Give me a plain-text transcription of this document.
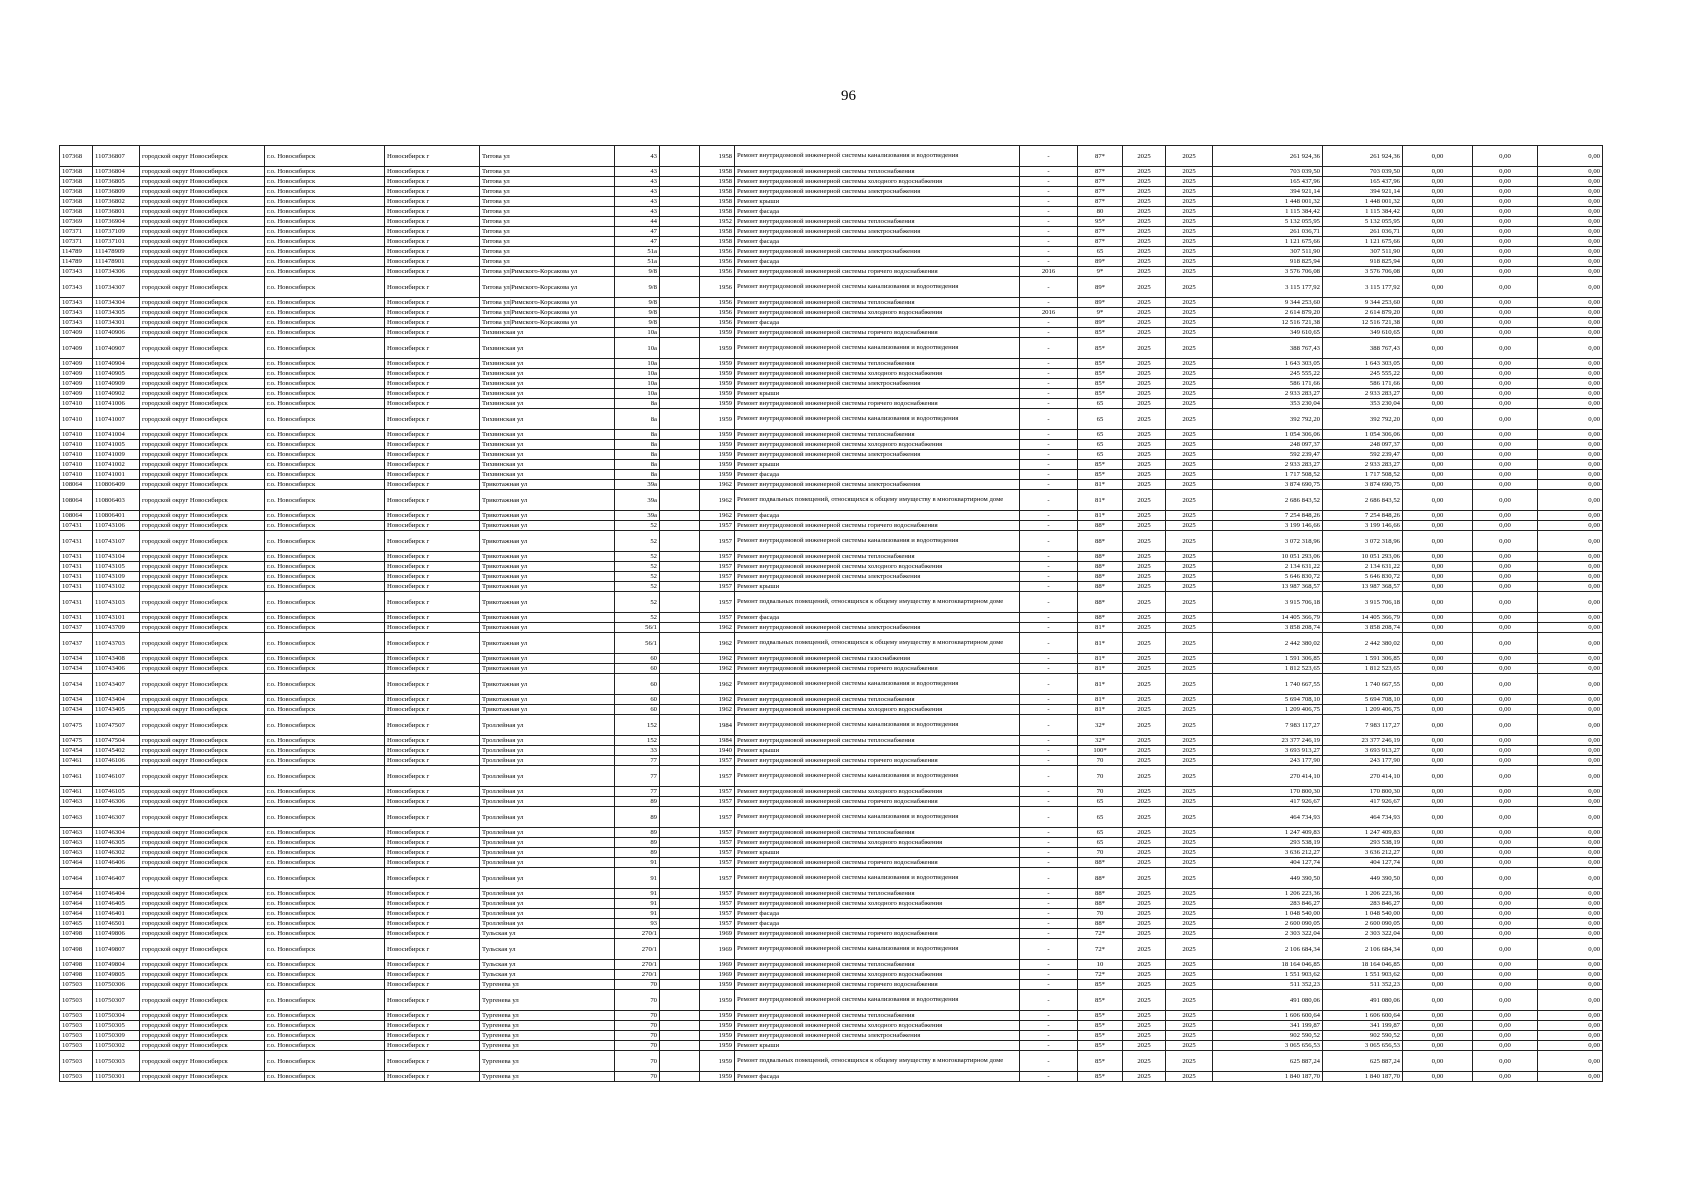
96
107368	110736807	городской округ Новосибирск	г.о. Новосибирск	Новосибирск г	Титова ул	43		1958	Ремонт внутридомовой инженерной системы канализования и водоотведения	-	87*	2025	2025	261 924,36	261 924,36	0,00	0,00	0,00
107368	110736804	городской округ Новосибирск	г.о. Новосибирск	Новосибирск г	Титова ул	43		1958	Ремонт внутридомовой инженерной системы теплоснабжения	-	87*	2025	2025	703 039,50	703 039,50	0,00	0,00	0,00
107368	110736805	городской округ Новосибирск	г.о. Новосибирск	Новосибирск г	Титова ул	43		1958	Ремонт внутридомовой инженерной системы холодного водоснабжения	-	87*	2025	2025	165 437,96	165 437,96	0,00	0,00	0,00
107368	110736809	городской округ Новосибирск	г.о. Новосибирск	Новосибирск г	Титова ул	43		1958	Ремонт внутридомовой инженерной системы электроснабжения	-	87*	2025	2025	394 921,14	394 921,14	0,00	0,00	0,00
107368	110736802	городской округ Новосибирск	г.о. Новосибирск	Новосибирск г	Титова ул	43		1958	Ремонт крыши	-	87*	2025	2025	1 448 001,32	1 448 001,32	0,00	0,00	0,00
107368	110736801	городской округ Новосибирск	г.о. Новосибирск	Новосибирск г	Титова ул	43		1958	Ремонт фасада	-	80	2025	2025	1 115 384,42	1 115 384,42	0,00	0,00	0,00
107369	110736904	городской округ Новосибирск	г.о. Новосибирск	Новосибирск г	Титова ул	44		1952	Ремонт внутридомовой инженерной системы теплоснабжения	-	95*	2025	2025	5 132 055,95	5 132 055,95	0,00	0,00	0,00
107371	110737109	городской округ Новосибирск	г.о. Новосибирск	Новосибирск г	Титова ул	47		1958	Ремонт внутридомовой инженерной системы электроснабжения	-	87*	2025	2025	261 036,71	261 036,71	0,00	0,00	0,00
107371	110737101	городской округ Новосибирск	г.о. Новосибирск	Новосибирск г	Титова ул	47		1958	Ремонт фасада	-	87*	2025	2025	1 121 675,66	1 121 675,66	0,00	0,00	0,00
114789	111478909	городской округ Новосибирск	г.о. Новосибирск	Новосибирск г	Титова ул	51а		1956	Ремонт внутридомовой инженерной системы электроснабжения	-	65	2025	2025	307 511,90	307 511,90	0,00	0,00	0,00
114789	111478901	городской округ Новосибирск	г.о. Новосибирск	Новосибирск г	Титова ул	51а		1956	Ремонт фасада	-	89*	2025	2025	918 825,94	918 825,94	0,00	0,00	0,00
107343	110734306	городской округ Новосибирск	г.о. Новосибирск	Новосибирск г	Титова ул|Римского-Корсакова ул	9/8		1956	Ремонт внутридомовой инженерной системы горячего водоснабжения	2016	9*	2025	2025	3 576 706,08	3 576 706,08	0,00	0,00	0,00
107343	110734307	городской округ Новосибирск	г.о. Новосибирск	Новосибирск г	Титова ул|Римского-Корсакова ул	9/8		1956	Ремонт внутридомовой инженерной системы канализования и водоотведения	-	89*	2025	2025	3 115 177,92	3 115 177,92	0,00	0,00	0,00
107343	110734304	городской округ Новосибирск	г.о. Новосибирск	Новосибирск г	Титова ул|Римского-Корсакова ул	9/8		1956	Ремонт внутридомовой инженерной системы теплоснабжения	-	89*	2025	2025	9 344 253,60	9 344 253,60	0,00	0,00	0,00
107343	110734305	городской округ Новосибирск	г.о. Новосибирск	Новосибирск г	Титова ул|Римского-Корсакова ул	9/8		1956	Ремонт внутридомовой инженерной системы холодного водоснабжения	2016	9*	2025	2025	2 614 879,20	2 614 879,20	0,00	0,00	0,00
107343	110734301	городской округ Новосибирск	г.о. Новосибирск	Новосибирск г	Титова ул|Римского-Корсакова ул	9/8		1956	Ремонт фасада	-	89*	2025	2025	12 516 721,38	12 516 721,38	0,00	0,00	0,00
107409	110740906	городской округ Новосибирск	г.о. Новосибирск	Новосибирск г	Тихвинская ул	10а		1959	Ремонт внутридомовой инженерной системы горячего водоснабжения	-	85*	2025	2025	349 610,65	349 610,65	0,00	0,00	0,00
107409	110740907	городской округ Новосибирск	г.о. Новосибирск	Новосибирск г	Тихвинская ул	10а		1959	Ремонт внутридомовой инженерной системы канализования и водоотведения	-	85*	2025	2025	388 767,43	388 767,43	0,00	0,00	0,00
107409	110740904	городской округ Новосибирск	г.о. Новосибирск	Новосибирск г	Тихвинская ул	10а		1959	Ремонт внутридомовой инженерной системы теплоснабжения	-	85*	2025	2025	1 643 303,05	1 643 303,05	0,00	0,00	0,00
107409	110740905	городской округ Новосибирск	г.о. Новосибирск	Новосибирск г	Тихвинская ул	10а		1959	Ремонт внутридомовой инженерной системы холодного водоснабжения	-	85*	2025	2025	245 555,22	245 555,22	0,00	0,00	0,00
107409	110740909	городской округ Новосибирск	г.о. Новосибирск	Новосибирск г	Тихвинская ул	10а		1959	Ремонт внутридомовой инженерной системы электроснабжения	-	85*	2025	2025	586 171,66	586 171,66	0,00	0,00	0,00
107409	110740902	городской округ Новосибирск	г.о. Новосибирск	Новосибирск г	Тихвинская ул	10а		1959	Ремонт крыши	-	85*	2025	2025	2 933 283,27	2 933 283,27	0,00	0,00	0,00
107410	110741006	городской округ Новосибирск	г.о. Новосибирск	Новосибирск г	Тихвинская ул	8а		1959	Ремонт внутридомовой инженерной системы горячего водоснабжения	-	65	2025	2025	353 230,04	353 230,04	0,00	0,00	0,00
107410	110741007	городской округ Новосибирск	г.о. Новосибирск	Новосибирск г	Тихвинская ул	8а		1959	Ремонт внутридомовой инженерной системы канализования и водоотведения	-	65	2025	2025	392 792,20	392 792,20	0,00	0,00	0,00
107410	110741004	городской округ Новосибирск	г.о. Новосибирск	Новосибирск г	Тихвинская ул	8а		1959	Ремонт внутридомовой инженерной системы теплоснабжения	-	65	2025	2025	1 054 306,06	1 054 306,06	0,00	0,00	0,00
107410	110741005	городской округ Новосибирск	г.о. Новосибирск	Новосибирск г	Тихвинская ул	8а		1959	Ремонт внутридомовой инженерной системы холодного водоснабжения	-	65	2025	2025	248 097,37	248 097,37	0,00	0,00	0,00
107410	110741009	городской округ Новосибирск	г.о. Новосибирск	Новосибирск г	Тихвинская ул	8а		1959	Ремонт внутридомовой инженерной системы электроснабжения	-	65	2025	2025	592 239,47	592 239,47	0,00	0,00	0,00
107410	110741002	городской округ Новосибирск	г.о. Новосибирск	Новосибирск г	Тихвинская ул	8а		1959	Ремонт крыши	-	85*	2025	2025	2 933 283,27	2 933 283,27	0,00	0,00	0,00
107410	110741001	городской округ Новосибирск	г.о. Новосибирск	Новосибирск г	Тихвинская ул	8а		1959	Ремонт фасада	-	85*	2025	2025	1 717 508,52	1 717 508,52	0,00	0,00	0,00
108064	110806409	городской округ Новосибирск	г.о. Новосибирск	Новосибирск г	Трикотажная ул	39а		1962	Ремонт внутридомовой инженерной системы электроснабжения	-	81*	2025	2025	3 874 690,75	3 874 690,75	0,00	0,00	0,00
108064	110806403	городской округ Новосибирск	г.о. Новосибирск	Новосибирск г	Трикотажная ул	39а		1962	Ремонт подвальных помещений, относящихся к общему имуществу в многоквартирном доме	-	81*	2025	2025	2 686 843,52	2 686 843,52	0,00	0,00	0,00
108064	110806401	городской округ Новосибирск	г.о. Новосибирск	Новосибирск г	Трикотажная ул	39а		1962	Ремонт фасада	-	81*	2025	2025	7 254 848,26	7 254 848,26	0,00	0,00	0,00
107431	110743106	городской округ Новосибирск	г.о. Новосибирск	Новосибирск г	Трикотажная ул	52		1957	Ремонт внутридомовой инженерной системы горячего водоснабжения	-	88*	2025	2025	3 199 146,66	3 199 146,66	0,00	0,00	0,00
107431	110743107	городской округ Новосибирск	г.о. Новосибирск	Новосибирск г	Трикотажная ул	52		1957	Ремонт внутридомовой инженерной системы канализования и водоотведения	-	88*	2025	2025	3 072 318,96	3 072 318,96	0,00	0,00	0,00
107431	110743104	городской округ Новосибирск	г.о. Новосибирск	Новосибирск г	Трикотажная ул	52		1957	Ремонт внутридомовой инженерной системы теплоснабжения	-	88*	2025	2025	10 051 293,06	10 051 293,06	0,00	0,00	0,00
107431	110743105	городской округ Новосибирск	г.о. Новосибирск	Новосибирск г	Трикотажная ул	52		1957	Ремонт внутридомовой инженерной системы холодного водоснабжения	-	88*	2025	2025	2 134 631,22	2 134 631,22	0,00	0,00	0,00
107431	110743109	городской округ Новосибирск	г.о. Новосибирск	Новосибирск г	Трикотажная ул	52		1957	Ремонт внутридомовой инженерной системы электроснабжения	-	88*	2025	2025	5 646 830,72	5 646 830,72	0,00	0,00	0,00
107431	110743102	городской округ Новосибирск	г.о. Новосибирск	Новосибирск г	Трикотажная ул	52		1957	Ремонт крыши	-	88*	2025	2025	13 987 368,57	13 987 368,57	0,00	0,00	0,00
107431	110743103	городской округ Новосибирск	г.о. Новосибирск	Новосибирск г	Трикотажная ул	52		1957	Ремонт подвальных помещений, относящихся к общему имуществу в многоквартирном доме	-	88*	2025	2025	3 915 706,18	3 915 706,18	0,00	0,00	0,00
107431	110743101	городской округ Новосибирск	г.о. Новосибирск	Новосибирск г	Трикотажная ул	52		1957	Ремонт фасада	-	88*	2025	2025	14 405 366,79	14 405 366,79	0,00	0,00	0,00
107437	110743709	городской округ Новосибирск	г.о. Новосибирск	Новосибирск г	Трикотажная ул	56/1		1962	Ремонт внутридомовой инженерной системы электроснабжения	-	81*	2025	2025	3 858 208,74	3 858 208,74	0,00	0,00	0,00
107437	110743703	городской округ Новосибирск	г.о. Новосибирск	Новосибирск г	Трикотажная ул	56/1		1962	Ремонт подвальных помещений, относящихся к общему имуществу в многоквартирном доме	-	81*	2025	2025	2 442 380,02	2 442 380,02	0,00	0,00	0,00
107434	110743408	городской округ Новосибирск	г.о. Новосибирск	Новосибирск г	Трикотажная ул	60		1962	Ремонт внутридомовой инженерной системы газоснабжения	-	81*	2025	2025	1 591 306,85	1 591 306,85	0,00	0,00	0,00
107434	110743406	городской округ Новосибирск	г.о. Новосибирск	Новосибирск г	Трикотажная ул	60		1962	Ремонт внутридомовой инженерной системы горячего водоснабжения	-	81*	2025	2025	1 812 523,65	1 812 523,65	0,00	0,00	0,00
107434	110743407	городской округ Новосибирск	г.о. Новосибирск	Новосибирск г	Трикотажная ул	60		1962	Ремонт внутридомовой инженерной системы канализования и водоотведения	-	81*	2025	2025	1 740 667,55	1 740 667,55	0,00	0,00	0,00
107434	110743404	городской округ Новосибирск	г.о. Новосибирск	Новосибирск г	Трикотажная ул	60		1962	Ремонт внутридомовой инженерной системы теплоснабжения	-	81*	2025	2025	5 694 708,10	5 694 708,10	0,00	0,00	0,00
107434	110743405	городской округ Новосибирск	г.о. Новосибирск	Новосибирск г	Трикотажная ул	60		1962	Ремонт внутридомовой инженерной системы холодного водоснабжения	-	81*	2025	2025	1 209 406,75	1 209 406,75	0,00	0,00	0,00
107475	110747507	городской округ Новосибирск	г.о. Новосибирск	Новосибирск г	Троллейная ул	152		1984	Ремонт внутридомовой инженерной системы канализования и водоотведения	-	32*	2025	2025	7 983 117,27	7 983 117,27	0,00	0,00	0,00
107475	110747504	городской округ Новосибирск	г.о. Новосибирск	Новосибирск г	Троллейная ул	152		1984	Ремонт внутридомовой инженерной системы теплоснабжения	-	32*	2025	2025	23 377 246,19	23 377 246,19	0,00	0,00	0,00
107454	110745402	городской округ Новосибирск	г.о. Новосибирск	Новосибирск г	Троллейная ул	33		1940	Ремонт крыши	-	100*	2025	2025	3 693 913,27	3 693 913,27	0,00	0,00	0,00
107461	110746106	городской округ Новосибирск	г.о. Новосибирск	Новосибирск г	Троллейная ул	77		1957	Ремонт внутридомовой инженерной системы горячего водоснабжения	-	70	2025	2025	243 177,90	243 177,90	0,00	0,00	0,00
107461	110746107	городской округ Новосибирск	г.о. Новосибирск	Новосибирск г	Троллейная ул	77		1957	Ремонт внутридомовой инженерной системы канализования и водоотведения	-	70	2025	2025	270 414,10	270 414,10	0,00	0,00	0,00
107461	110746105	городской округ Новосибирск	г.о. Новосибирск	Новосибирск г	Троллейная ул	77		1957	Ремонт внутридомовой инженерной системы холодного водоснабжения	-	70	2025	2025	170 800,30	170 800,30	0,00	0,00	0,00
107463	110746306	городской округ Новосибирск	г.о. Новосибирск	Новосибирск г	Троллейная ул	89		1957	Ремонт внутридомовой инженерной системы горячего водоснабжения	-	65	2025	2025	417 926,67	417 926,67	0,00	0,00	0,00
107463	110746307	городской округ Новосибирск	г.о. Новосибирск	Новосибирск г	Троллейная ул	89		1957	Ремонт внутридомовой инженерной системы канализования и водоотведения	-	65	2025	2025	464 734,93	464 734,93	0,00	0,00	0,00
107463	110746304	городской округ Новосибирск	г.о. Новосибирск	Новосибирск г	Троллейная ул	89		1957	Ремонт внутридомовой инженерной системы теплоснабжения	-	65	2025	2025	1 247 409,83	1 247 409,83	0,00	0,00	0,00
107463	110746305	городской округ Новосибирск	г.о. Новосибирск	Новосибирск г	Троллейная ул	89		1957	Ремонт внутридомовой инженерной системы холодного водоснабжения	-	65	2025	2025	293 538,19	293 538,19	0,00	0,00	0,00
107463	110746302	городской округ Новосибирск	г.о. Новосибирск	Новосибирск г	Троллейная ул	89		1957	Ремонт крыши	-	70	2025	2025	3 636 212,27	3 636 212,27	0,00	0,00	0,00
107464	110746406	городской округ Новосибирск	г.о. Новосибирск	Новосибирск г	Троллейная ул	91		1957	Ремонт внутридомовой инженерной системы горячего водоснабжения	-	88*	2025	2025	404 127,74	404 127,74	0,00	0,00	0,00
107464	110746407	городской округ Новосибирск	г.о. Новосибирск	Новосибирск г	Троллейная ул	91		1957	Ремонт внутридомовой инженерной системы канализования и водоотведения	-	88*	2025	2025	449 390,50	449 390,50	0,00	0,00	0,00
107464	110746404	городской округ Новосибирск	г.о. Новосибирск	Новосибирск г	Троллейная ул	91		1957	Ремонт внутридомовой инженерной системы теплоснабжения	-	88*	2025	2025	1 206 223,36	1 206 223,36	0,00	0,00	0,00
107464	110746405	городской округ Новосибирск	г.о. Новосибирск	Новосибирск г	Троллейная ул	91		1957	Ремонт внутридомовой инженерной системы холодного водоснабжения	-	88*	2025	2025	283 846,27	283 846,27	0,00	0,00	0,00
107464	110746401	городской округ Новосибирск	г.о. Новосибирск	Новосибирск г	Троллейная ул	91		1957	Ремонт фасада	-	70	2025	2025	1 048 540,00	1 048 540,00	0,00	0,00	0,00
107465	110746501	городской округ Новосибирск	г.о. Новосибирск	Новосибирск г	Троллейная ул	93		1957	Ремонт фасада	-	88*	2025	2025	2 600 090,05	2 600 090,05	0,00	0,00	0,00
107498	110749806	городской округ Новосибирск	г.о. Новосибирск	Новосибирск г	Тульская ул	270/1		1969	Ремонт внутридомовой инженерной системы горячего водоснабжения	-	72*	2025	2025	2 303 322,04	2 303 322,04	0,00	0,00	0,00
107498	110749807	городской округ Новосибирск	г.о. Новосибирск	Новосибирск г	Тульская ул	270/1		1969	Ремонт внутридомовой инженерной системы канализования и водоотведения	-	72*	2025	2025	2 106 684,34	2 106 684,34	0,00	0,00	0,00
107498	110749804	городской округ Новосибирск	г.о. Новосибирск	Новосибирск г	Тульская ул	270/1		1969	Ремонт внутридомовой инженерной системы теплоснабжения	-	10	2025	2025	18 164 046,85	18 164 046,85	0,00	0,00	0,00
107498	110749805	городской округ Новосибирск	г.о. Новосибирск	Новосибирск г	Тульская ул	270/1		1969	Ремонт внутридомовой инженерной системы холодного водоснабжения	-	72*	2025	2025	1 551 903,62	1 551 903,62	0,00	0,00	0,00
107503	110750306	городской округ Новосибирск	г.о. Новосибирск	Новосибирск г	Тургенева ул	70		1959	Ремонт внутридомовой инженерной системы горячего водоснабжения	-	85*	2025	2025	511 352,23	511 352,23	0,00	0,00	0,00
107503	110750307	городской округ Новосибирск	г.о. Новосибирск	Новосибирск г	Тургенева ул	70		1959	Ремонт внутридомовой инженерной системы канализования и водоотведения	-	85*	2025	2025	491 080,06	491 080,06	0,00	0,00	0,00
107503	110750304	городской округ Новосибирск	г.о. Новосибирск	Новосибирск г	Тургенева ул	70		1959	Ремонт внутридомовой инженерной системы теплоснабжения	-	85*	2025	2025	1 606 600,64	1 606 600,64	0,00	0,00	0,00
107503	110750305	городской округ Новосибирск	г.о. Новосибирск	Новосибирск г	Тургенева ул	70		1959	Ремонт внутридомовой инженерной системы холодного водоснабжения	-	85*	2025	2025	341 199,87	341 199,87	0,00	0,00	0,00
107503	110750309	городской округ Новосибирск	г.о. Новосибирск	Новосибирск г	Тургенева ул	70		1959	Ремонт внутридомовой инженерной системы электроснабжения	-	85*	2025	2025	902 590,52	902 590,52	0,00	0,00	0,00
107503	110750302	городской округ Новосибирск	г.о. Новосибирск	Новосибирск г	Тургенева ул	70		1959	Ремонт крыши	-	85*	2025	2025	3 065 656,53	3 065 656,53	0,00	0,00	0,00
107503	110750303	городской округ Новосибирск	г.о. Новосибирск	Новосибирск г	Тургенева ул	70		1959	Ремонт подвальных помещений, относящихся к общему имуществу в многоквартирном доме	-	85*	2025	2025	625 887,24	625 887,24	0,00	0,00	0,00
107503	110750301	городской округ Новосибирск	г.о. Новосибирск	Новосибирск г	Тургенева ул	70		1959	Ремонт фасада	-	85*	2025	2025	1 840 187,70	1 840 187,70	0,00	0,00	0,00
